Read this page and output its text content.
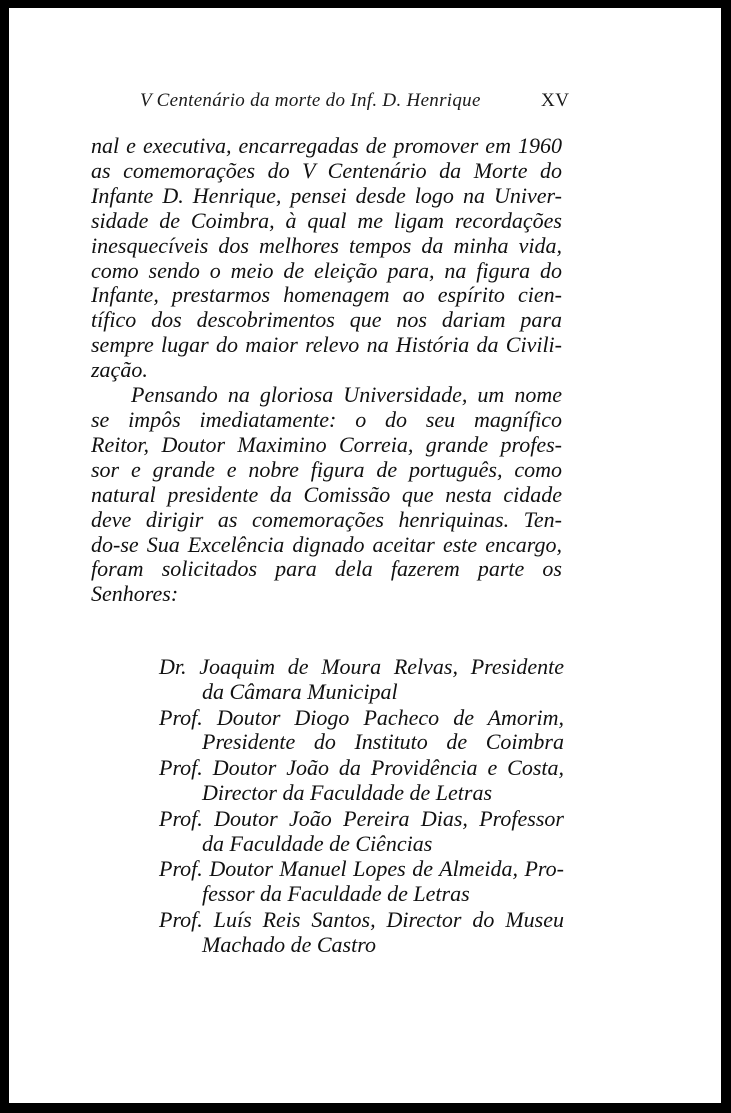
V Centenário da morte do Inf. D. Henrique	XV
nal e executiva, encarregadas de promover em 1960
as comemorações do V Centenário da Morte do
Infante D. Henrique, pensei desde logo na Univer-
sidade de Coimbra, à qual me ligam recordações
inesquecíveis dos melhores tempos da minha vida,
como sendo o meio de eleição para, na figura do
Infante, prestarmos homenagem ao espírito cien-
tífico dos descobrimentos que nos dariam para
sempre lugar do maior relevo na História da Civili-
zação.
Pensando na gloriosa Universidade, um nome
se impôs imediatamente: o do seu magnífico
Reitor, Doutor Maximino Correia, grande profes-
sor e grande e nobre figura de português, como
natural presidente da Comissão que nesta cidade
deve dirigir as comemorações henriquinas. Ten-
do-se Sua Excelência dignado aceitar este encargo,
foram solicitados para dela fazerem parte os
Senhores:
Dr. Joaquim de Moura Relvas, Presidente
da Câmara Municipal
Prof. Doutor Diogo Pacheco de Amorim,
Presidente do Instituto de Coimbra
Prof. Doutor João da Providência e Costa,
Director da Faculdade de Letras
Prof. Doutor João Pereira Dias, Professor
da Faculdade de Ciências
Prof. Doutor Manuel Lopes de Almeida, Pro-
fessor da Faculdade de Letras
Prof. Luís Reis Santos, Director do Museu
Machado de Castro
